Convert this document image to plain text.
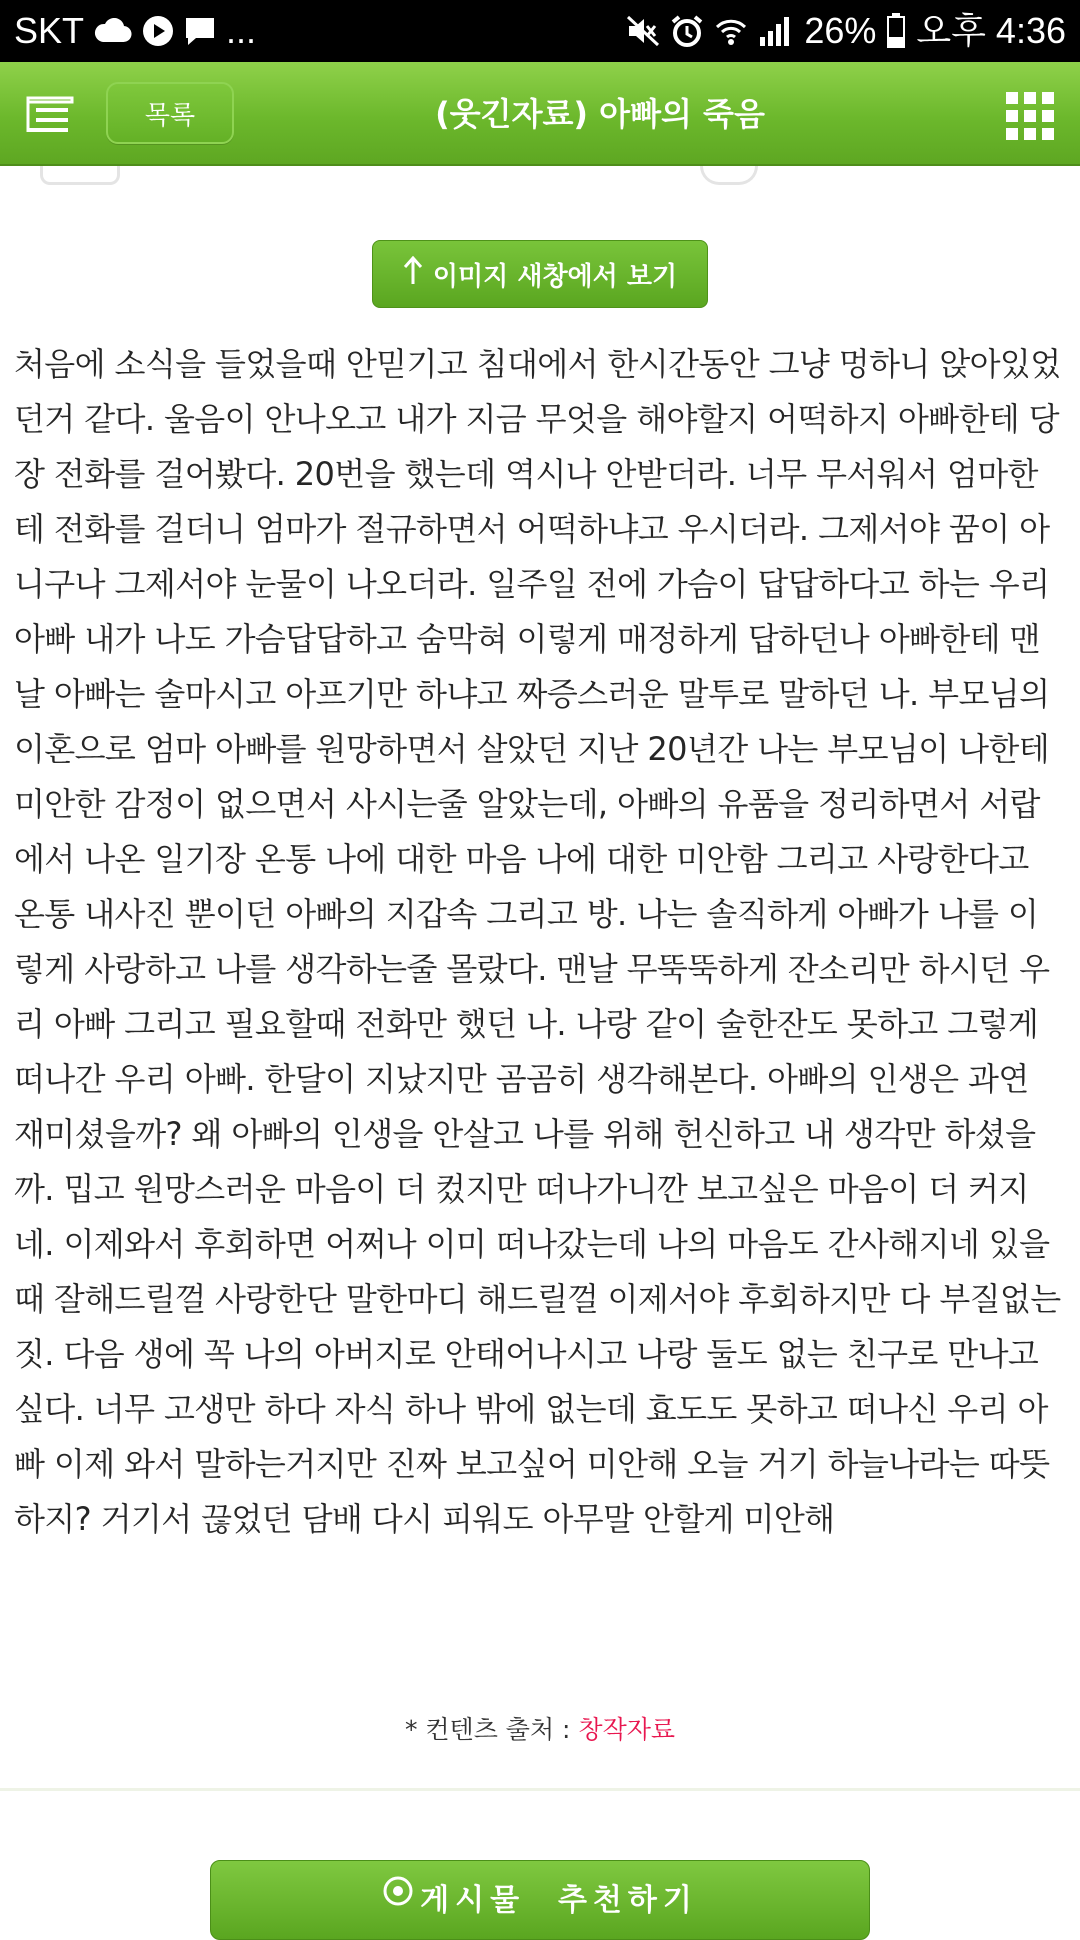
SKT	...	26% 오후 4:36
목록	(웃긴자료) 아빠의 죽음
이미지 새창에서 보기

처음에 소식을 들었을때 안믿기고 침대에서 한시간동안 그냥 멍하니 앉아있었던거 같다. 울음이 안나오고 내가 지금 무엇을 해야할지 어떡하지 아빠한테 당장 전화를 걸어봤다. 20번을 했는데 역시나 안받더라. 너무 무서워서 엄마한테 전화를 걸더니 엄마가 절규하면서 어떡하냐고 우시더라. 그제서야 꿈이 아니구나 그제서야 눈물이 나오더라. 일주일 전에 가슴이 답답하다고 하는 우리아빠 내가 나도 가슴답답하고 숨막혀 이렇게 매정하게 답하던나 아빠한테 맨날 아빠는 술마시고 아프기만 하냐고 짜증스러운 말투로 말하던 나. 부모님의 이혼으로 엄마 아빠를 원망하면서 살았던 지난 20년간 나는 부모님이 나한테 미안한 감정이 없으면서 사시는줄 알았는데, 아빠의 유품을 정리하면서 서랍에서 나온 일기장 온통 나에 대한 마음 나에 대한 미안함 그리고 사랑한다고 온통 내사진 뿐이던 아빠의 지갑속 그리고 방. 나는 솔직하게 아빠가 나를 이렇게 사랑하고 나를 생각하는줄 몰랐다. 맨날 무뚝뚝하게 잔소리만 하시던 우리 아빠 그리고 필요할때 전화만 했던 나. 나랑 같이 술한잔도 못하고 그렇게 떠나간 우리 아빠. 한달이 지났지만 곰곰히 생각해본다. 아빠의 인생은 과연 재미셨을까? 왜 아빠의 인생을 안살고 나를 위해 헌신하고 내 생각만 하셨을까. 밉고 원망스러운 마음이 더 컸지만 떠나가니깐 보고싶은 마음이 더 커지네. 이제와서 후회하면 어쩌나 이미 떠나갔는데 나의 마음도 간사해지네 있을때 잘해드릴껄 사랑한단 말한마디 해드릴껄 이제서야 후회하지만 다 부질없는 짓. 다음 생에 꼭 나의 아버지로 안태어나시고 나랑 둘도 없는 친구로 만나고 싶다. 너무 고생만 하다 자식 하나 밖에 없는데 효도도 못하고 떠나신 우리 아빠 이제 와서 말하는거지만 진짜 보고싶어 미안해 오늘 거기 하늘나라는 따뜻하지? 거기서 끊었던 담배 다시 피워도 아무말 안할게 미안해

* 컨텐츠 출처 : 창작자료
게시물  추천하기
